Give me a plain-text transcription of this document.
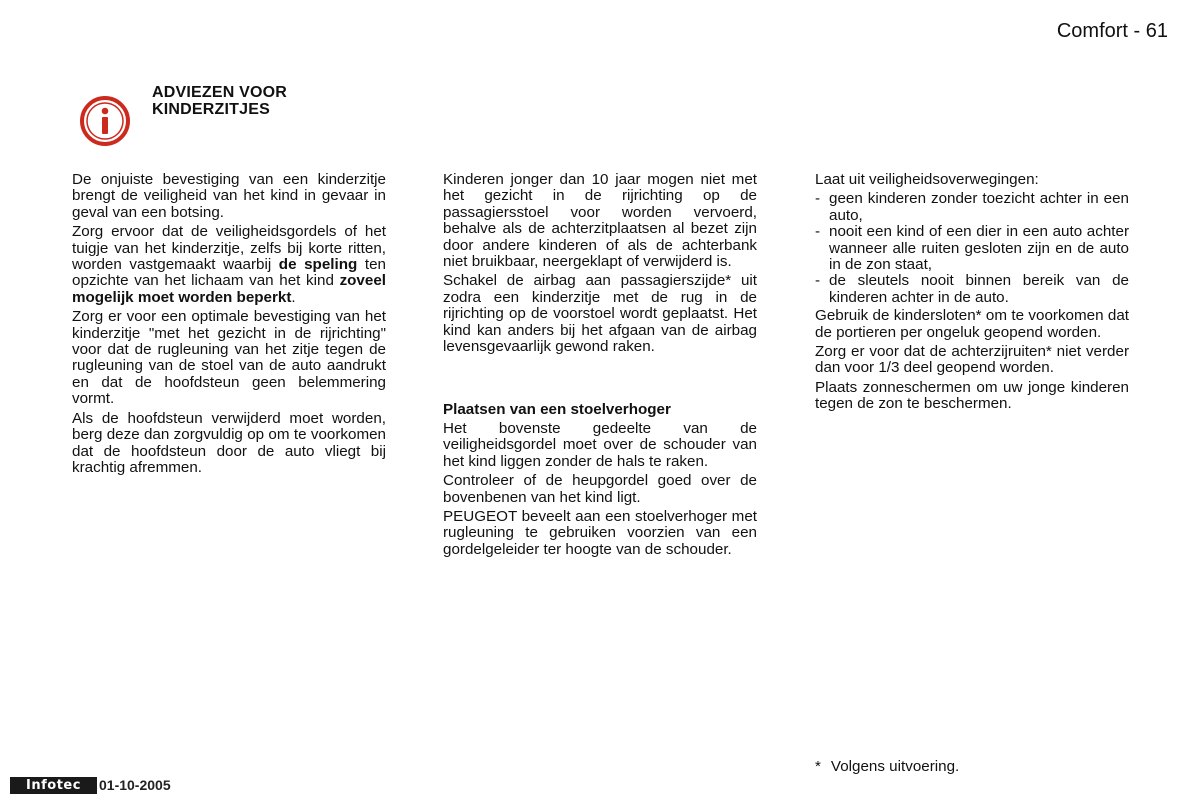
Comfort - 61
ADVIEZEN VOOR
KINDERZITJES

De onjuiste bevestiging van een kinderzitje brengt de veiligheid van het kind in gevaar in geval van een botsing.

Zorg ervoor dat de veiligheidsgordels of het tuigje van het kinderzitje, zelfs bij korte ritten, worden vastgemaakt waarbij de speling ten opzichte van het lichaam van het kind zoveel mogelijk moet worden beperkt.

Zorg er voor een optimale bevestiging van het kinderzitje "met het gezicht in de rijrichting" voor dat de rugleuning van het zitje tegen de rugleuning van de stoel van de auto aandrukt en dat de hoofdsteun geen belemmering vormt.

Als de hoofdsteun verwijderd moet worden, berg deze dan zorgvuldig op om te voorkomen dat de hoofdsteun door de auto vliegt bij krachtig afremmen.

Kinderen jonger dan 10 jaar mogen niet met het gezicht in de rijrichting op de passagiersstoel voor worden vervoerd, behalve als de achterzitplaatsen al bezet zijn door andere kinderen of als de achterbank niet bruikbaar, neergeklapt of verwijderd is.

Schakel de airbag aan passagierszijde* uit zodra een kinderzitje met de rug in de rijrichting op de voorstoel wordt geplaatst. Het kind kan anders bij het afgaan van de airbag levensgevaarlijk gewond raken.

Plaatsen van een stoelverhoger

Het bovenste gedeelte van de veiligheidsgordel moet over de schouder van het kind liggen zonder de hals te raken.

Controleer of de heupgordel goed over de bovenbenen van het kind ligt.

PEUGEOT beveelt aan een stoelverhoger met rugleuning te gebruiken voorzien van een gordelgeleider ter hoogte van de schouder.

Laat uit veiligheidsoverwegingen:

- geen kinderen zonder toezicht achter in een auto,
- nooit een kind of een dier in een auto achter wanneer alle ruiten gesloten zijn en de auto in de zon staat,
- de sleutels nooit binnen bereik van de kinderen achter in de auto.

Gebruik de kindersloten* om te voorkomen dat de portieren per ongeluk geopend worden.

Zorg er voor dat de achterzijruiten* niet verder dan voor 1/3 deel geopend worden.

Plaats zonneschermen om uw jonge kinderen tegen de zon te beschermen.

* Volgens uitvoering.
Infotec	01-10-2005
